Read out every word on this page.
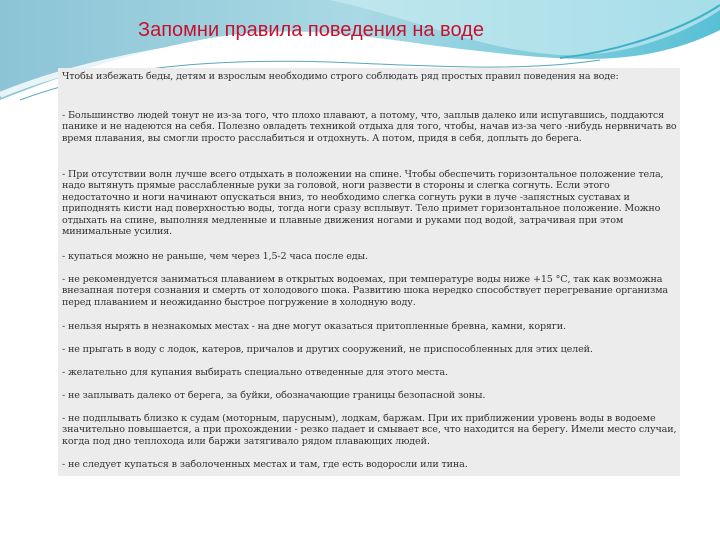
Запомни правила поведения на воде
Чтобы избежать беды, детям и взрослым необходимо строго соблюдать ряд простых правил поведения на воде:
- Большинство людей тонут не из-за того, что плохо плавают, а потому, что, заплыв далеко или испугавшись, поддаются панике и не надеются на себя. Полезно овладеть техникой отдыха для того, чтобы, начав из-за чего -нибудь нервничать во время плавания, вы смогли просто расслабиться и отдохнуть. А потом, придя в себя, доплыть до берега.
- При отсутствии волн лучше всего отдыхать в положении на спине. Чтобы обеспечить горизонтальное положение тела, надо вытянуть прямые расслабленные руки за головой, ноги развести в стороны и слегка согнуть. Если этого недостаточно и ноги начинают опускаться вниз, то необходимо слегка согнуть руки в луче -запястных суставах и приподнять кисти над поверхностью воды, тогда ноги сразу всплывут. Тело примет горизонтальное положение. Можно отдыхать на спине, выполняя медленные и плавные движения ногами и руками под водой, затрачивая при этом минимальные усилия.
- купаться можно не раньше, чем через 1,5-2 часа после еды.
- не рекомендуется заниматься плаванием в открытых водоемах, при температуре воды ниже +15 °С, так как возможна внезапная потеря сознания и смерть от холодового шока. Развитию шока нередко способствует перегревание организма перед плаванием и неожиданно быстрое погружение в холодную воду.
- нельзя нырять в незнакомых местах - на дне могут оказаться притопленные бревна, камни, коряги.
- не прыгать в воду с лодок, катеров, причалов и других сооружений, не приспособленных для этих целей.
- желательно для купания выбирать специально отведенные для этого места.
- не заплывать далеко от берега, за буйки, обозначающие границы безопасной зоны.
- не подплывать близко к судам (моторным, парусным), лодкам, баржам. При их приближении уровень воды в водоеме значительно повышается, а при прохождении - резко падает и смывает все, что находится на берегу. Имели место случаи, когда под дно теплохода или баржи затягивало рядом плавающих людей.
- не следует купаться в заболоченных местах и там, где есть водоросли или тина.
